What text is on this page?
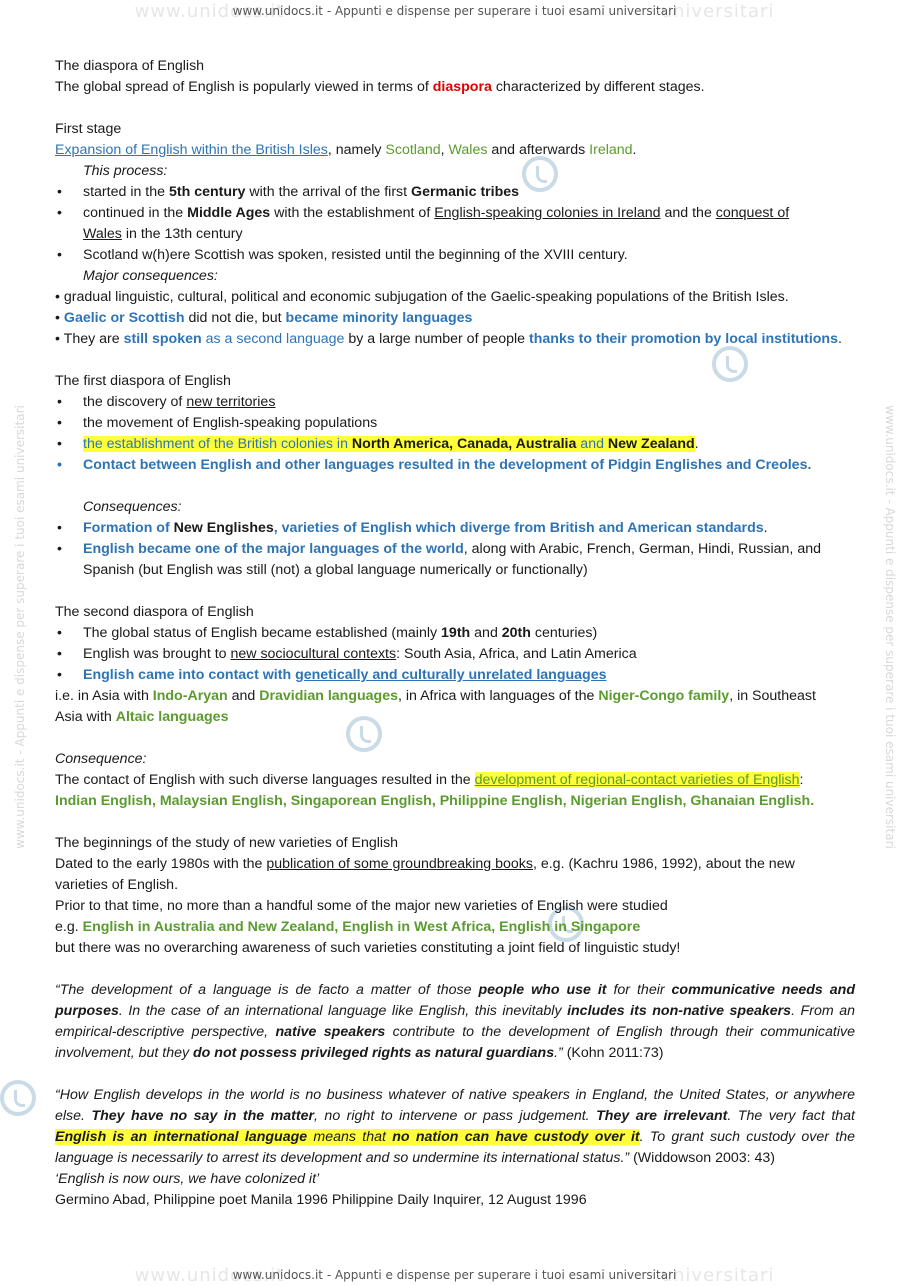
www.unidocs.it	universitari
www.unidocs.it - Appunti e dispense per superare i tuoi esami universitari
www.unidocs.it - Appunti e dispense per superare i tuoi esami universitari	www.unidocs.it - Appunti e dispense per superare i tuoi esami universitari
The diaspora of English
The global spread of English is popularly viewed in terms of diaspora characterized by different stages.
First stage
Expansion of English within the British Isles, namely Scotland, Wales and afterwards Ireland.
This process:
• started in the 5th century with the arrival of the first Germanic tribes
• continued in the Middle Ages with the establishment of English-speaking colonies in Ireland and the conquest of
Wales in the 13th century
• Scotland w(h)ere Scottish was spoken, resisted until the beginning of the XVIII century.
Major consequences:
• gradual linguistic, cultural, political and economic subjugation of the Gaelic-speaking populations of the British Isles.
• Gaelic or Scottish did not die, but became minority languages
• They are still spoken as a second language by a large number of people thanks to their promotion by local institutions.
The first diaspora of English
• the discovery of new territories
• the movement of English-speaking populations
• the establishment of the British colonies in North America, Canada, Australia and New Zealand.
• Contact between English and other languages resulted in the development of Pidgin Englishes and Creoles.
Consequences:
• Formation of New Englishes, varieties of English which diverge from British and American standards.
• English became one of the major languages of the world, along with Arabic, French, German, Hindi, Russian, and
Spanish (but English was still (not) a global language numerically or functionally)
The second diaspora of English
• The global status of English became established (mainly 19th and 20th centuries)
• English was brought to new sociocultural contexts: South Asia, Africa, and Latin America
• English came into contact with genetically and culturally unrelated languages
i.e. in Asia with Indo-Aryan and Dravidian languages, in Africa with languages of the Niger-Congo family, in Southeast
Asia with Altaic languages
Consequence:
The contact of English with such diverse languages resulted in the development of regional-contact varieties of English:
Indian English, Malaysian English, Singaporean English, Philippine English, Nigerian English, Ghanaian English.
The beginnings of the study of new varieties of English
Dated to the early 1980s with the publication of some groundbreaking books, e.g. (Kachru 1986, 1992), about the new
varieties of English.
Prior to that time, no more than a handful some of the major new varieties of English were studied
e.g. English in Australia and New Zealand, English in West Africa, English in Singapore
but there was no overarching awareness of such varieties constituting a joint field of linguistic study!
“The development of a language is de facto a matter of those people who use it for their communicative needs and purposes. In the case of an international language like English, this inevitably includes its non-native speakers. From an empirical-descriptive perspective, native speakers contribute to the development of English through their communicative involvement, but they do not possess privileged rights as natural guardians.” (Kohn 2011:73)
“How English develops in the world is no business whatever of native speakers in England, the United States, or anywhere else. They have no say in the matter, no right to intervene or pass judgement. They are irrelevant. The very fact that English is an international language means that no nation can have custody over it. To grant such custody over the language is necessarily to arrest its development and so undermine its international status.” (Widdowson 2003: 43)
‘English is now ours, we have colonized it’
Germino Abad, Philippine poet Manila 1996 Philippine Daily Inquirer, 12 August 1996
www.unidocs.it	universitari
www.unidocs.it - Appunti e dispense per superare i tuoi esami universitari
